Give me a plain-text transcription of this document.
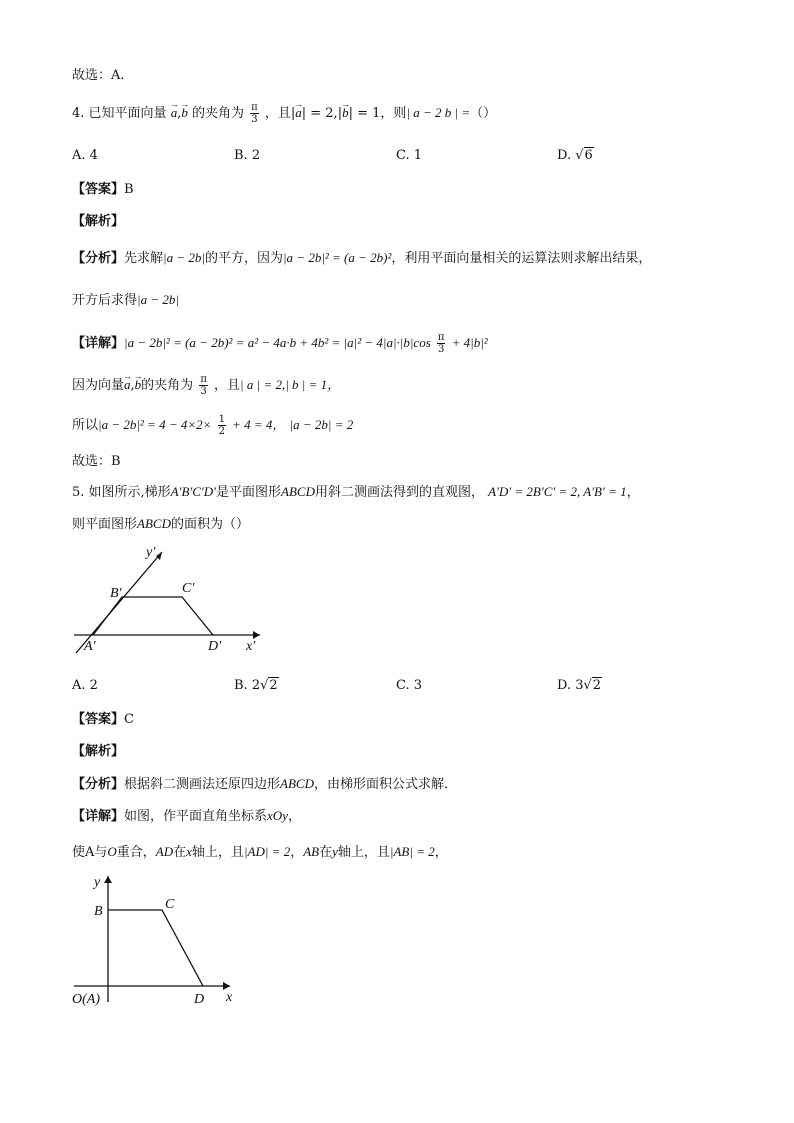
故选：A.
4. 已知平面向量 → a,→ b 的夹角为 $\frac{\pi}{3}$ ，且|→ a| = 2,|→ b| = 1，则| a − 2 b | =（）
A. 4	B. 2	C. 1	D. √6
【答案】B
【解析】
【分析】先求解|a − 2b|的平方，因为|a − 2b|² = (a − 2b)²，利用平面向量相关的运算法则求解出结果，
开方后求得|a − 2b|
【详解】$|a - 2b|^2 = (a - 2b)^2 = a^2 - 4a\cdot b + 4b^2 = |a|^2 - 4|a|\cdot|b|\cos \frac{\pi}{3} + 4|b|^2$
因为向量→ a,→ b的夹角为 $\frac{\pi}{3}$ ，且| a | = 2,| b | = 1，
所以$|a - 2b|^2 = 4 - 4\times 2\times \frac{1}{2} + 4 = 4$， |a − 2b| = 2
故选：B
5. 如图所示,梯形A′B′C′D′是平面图形ABCD用斜二测画法得到的直观图， A′D′ = 2B′C′ = 2, A′B′ = 1，
则平面图形ABCD的面积为（）
y′
x′
B′	C′
A′	D′
A. 2	B. 2√2	C. 3	D. 3√2
【答案】C
【解析】
【分析】根据斜二测画法还原四边形ABCD，由梯形面积公式求解．
【详解】如图，作平面直角坐标系xOy，
使A与O重合，AD在x轴上，且|AD| = 2，AB在y轴上，且|AB| = 2，
y
x
B	C
O(A)	D
